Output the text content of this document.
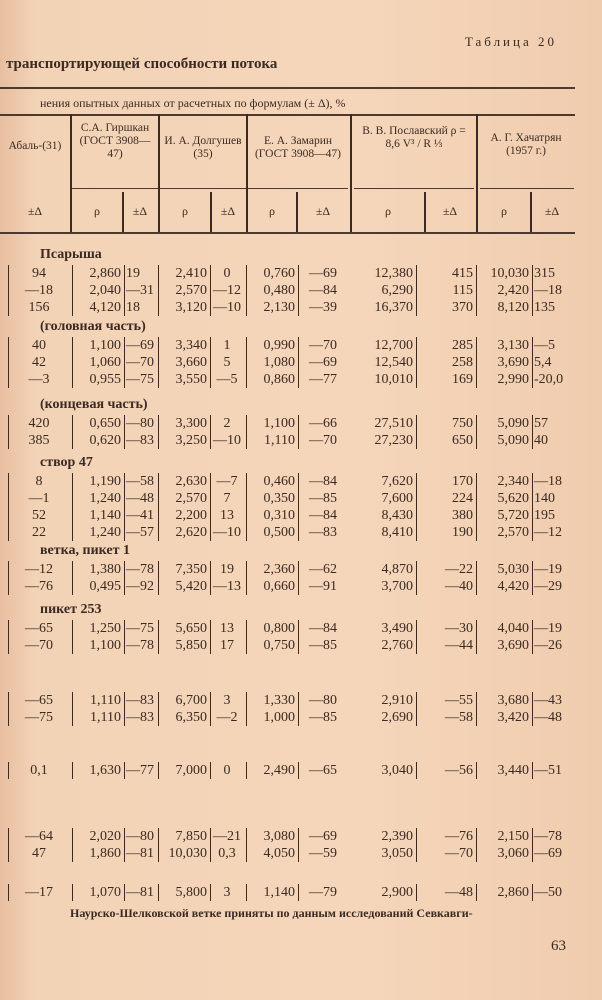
Таблица 20
транспортирующей способности потока
нения опытных данных от расчетных по формулам (± Δ), %
Абаль-(31)
С.А. Гиршкан (ГОСТ 3908—47)
И. А. Долгушев (35)
Е. А. Замарин (ГОСТ 3908—47)
В. В. Пославский ρ = 8,6 V³ / R ⅓	А. Г. Хачатрян (1957 г.)
±Δ	ρ	±Δ	ρ	±Δ	ρ	±Δ	ρ	±Δ	ρ	±Δ
Псарыша
94	2,860 19	2,410	0	0,760	—69	12,380	415	10,030 315
—18	2,040 —31	2,570 —12	0,480	—84	6,290	115	2,420 —18
156	4,120 18	3,120 —10	2,130	—39	16,370	370	8,120 135
(головная часть)
40	1,100 —69	3,340	1	0,990	—70	12,700	285	3,130 —5
42	1,060 —70	3,660	5	1,080	—69	12,540	258	3,690 5,4
—3	0,955 —75	3,550 —5	0,860	—77	10,010	169	2,990 -20,0
(концевая часть)
420	0,650 —80	3,300	2	1,100	—66	27,510	750	5,090 57
385	0,620 —83	3,250 —10	1,110	—70	27,230	650	5,090 40
створ 47
8	1,190 —58	2,630 —7	0,460	—84	7,620	170	2,340 —18
—1	1,240 —48	2,570	7	0,350	—85	7,600	224	5,620 140
52	1,140 —41	2,200 13	0,310	—84	8,430	380	5,720 195
22	1,240 —57	2,620 —10	0,500	—83	8,410	190	2,570 —12
ветка, пикет 1
—12	1,380 —78	7,350 19	2,360	—62	4,870	—22	5,030 —19
—76	0,495 —92	5,420 —13	0,660	—91	3,700	—40	4,420 —29
пикет 253
—65	1,250 —75	5,650 13	0,800	—84	3,490	—30	4,040 —19
—70	1,100 —78	5,850 17	0,750	—85	2,760	—44	3,690 —26
—65	1,110 —83	6,700	3	1,330	—80	2,910	—55	3,680 —43
—75	1,110 —83	6,350 —2	1,000	—85	2,690	—58	3,420 —48
0,1	1,630 —77	7,000	0	2,490	—65	3,040	—56	3,440 —51
—64	2,020 —80	7,850 —21	3,080	—69	2,390	—76	2,150 —78
47	1,860 —81	10,030 0,3	4,050	—59	3,050	—70	3,060 —69
—17	1,070 —81	5,800	3	1,140	—79	2,900	—48	2,860 —50
Наурско-Шелковской ветке приняты по данным исследований Севкавги-
63
